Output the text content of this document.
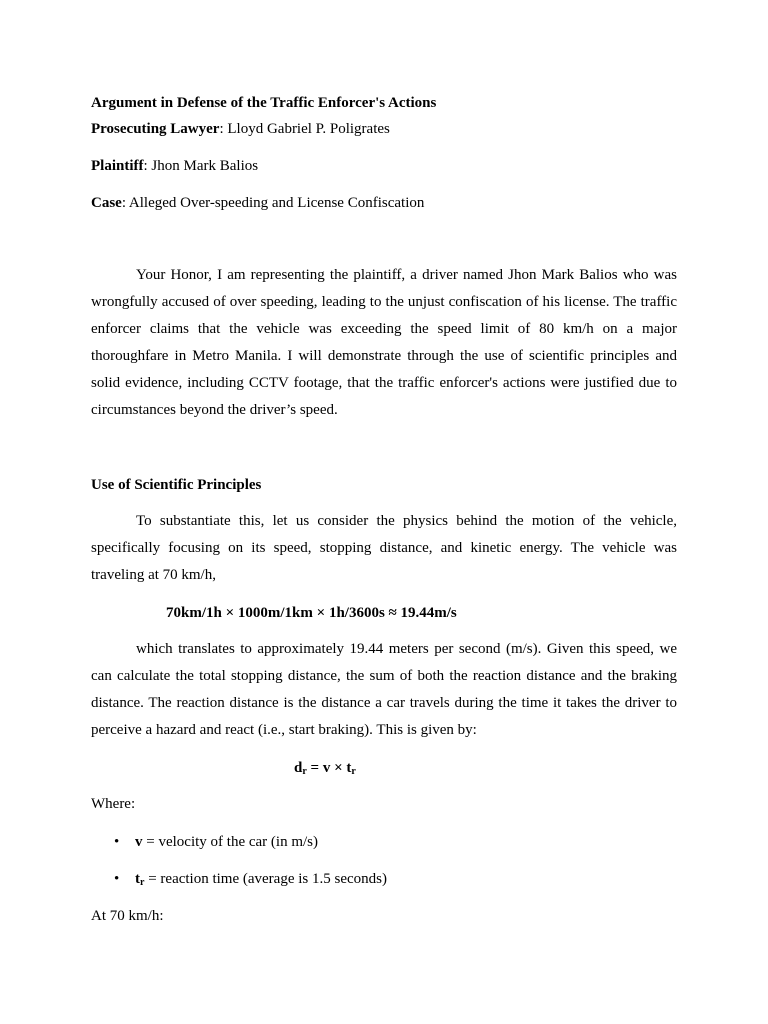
Argument in Defense of the Traffic Enforcer's Actions
Prosecuting Lawyer: Lloyd Gabriel P. Poligrates
Plaintiff: Jhon Mark Balios
Case: Alleged Over-speeding and License Confiscation

Your Honor, I am representing the plaintiff, a driver named Jhon Mark Balios who was wrongfully accused of over speeding, leading to the unjust confiscation of his license. The traffic enforcer claims that the vehicle was exceeding the speed limit of 80 km/h on a major thoroughfare in Metro Manila. I will demonstrate through the use of scientific principles and solid evidence, including CCTV footage, that the traffic enforcer's actions were justified due to circumstances beyond the driver’s speed.

Use of Scientific Principles

To substantiate this, let us consider the physics behind the motion of the vehicle, specifically focusing on its speed, stopping distance, and kinetic energy. The vehicle was traveling at 70 km/h,

70km/1h × 1000m/1km × 1h/3600s ≈ 19.44m/s

which translates to approximately 19.44 meters per second (m/s). Given this speed, we can calculate the total stopping distance, the sum of both the reaction distance and the braking distance. The reaction distance is the distance a car travels during the time it takes the driver to perceive a hazard and react (i.e., start braking). This is given by:

$d_r = v \times t_r$
Where:
• v = velocity of the car (in m/s)
• $t_r$ = reaction time (average is 1.5 seconds)
At 70 km/h:
